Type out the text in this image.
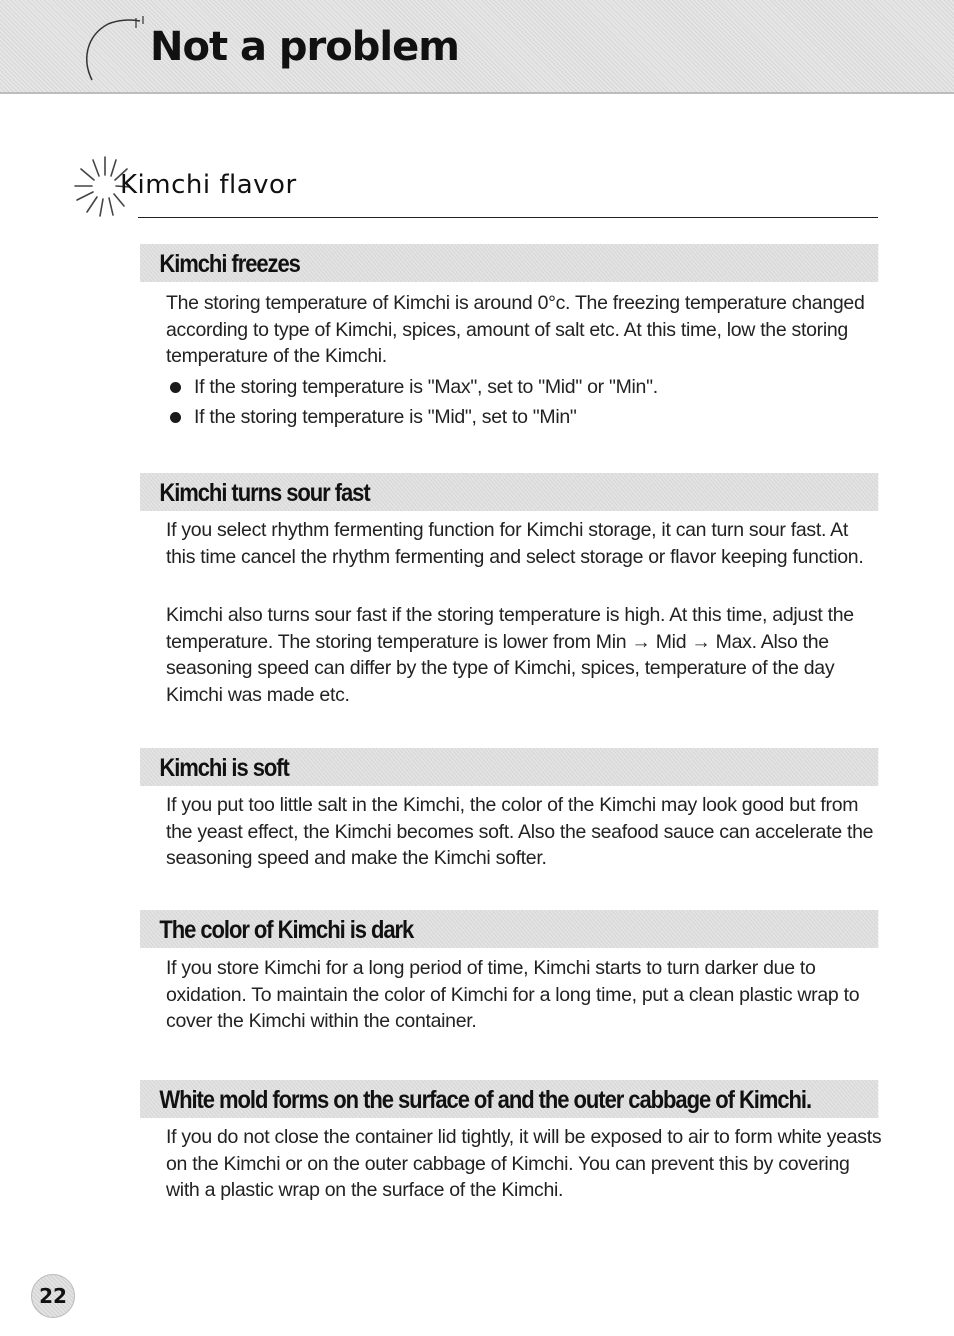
Not a problem
Kimchi flavor
Kimchi freezes

The storing temperature of Kimchi is around 0°c. The freezing temperature changed according to type of Kimchi, spices, amount of salt etc. At this time, low the storing temperature of the Kimchi.

If the storing temperature is "Max", set to "Mid" or "Min".
If the storing temperature is "Mid", set to "Min"
Kimchi turns sour fast

If you select rhythm fermenting function for Kimchi storage, it can turn sour fast. At this time cancel the rhythm fermenting and select storage or flavor keeping function.

Kimchi also turns sour fast if the storing temperature is high. At this time, adjust the temperature. The storing temperature is lower from Min → Mid → Max. Also the seasoning speed can differ by the type of Kimchi, spices, temperature of the day Kimchi was made etc.

Kimchi is soft

If you put too little salt in the Kimchi, the color of the Kimchi may look good but from the yeast effect, the Kimchi becomes soft. Also the seafood sauce can accelerate the seasoning speed and make the Kimchi softer.

The color of Kimchi is dark

If you store Kimchi for a long period of time, Kimchi starts to turn darker due to oxidation. To maintain the color of Kimchi for a long time, put a clean plastic wrap to cover the Kimchi within the container.

White mold forms on the surface of and the outer cabbage of Kimchi.

If you do not close the container lid tightly, it will be exposed to air to form white yeasts on the Kimchi or on the outer cabbage of Kimchi. You can prevent this by covering with a plastic wrap on the surface of the Kimchi.

22
